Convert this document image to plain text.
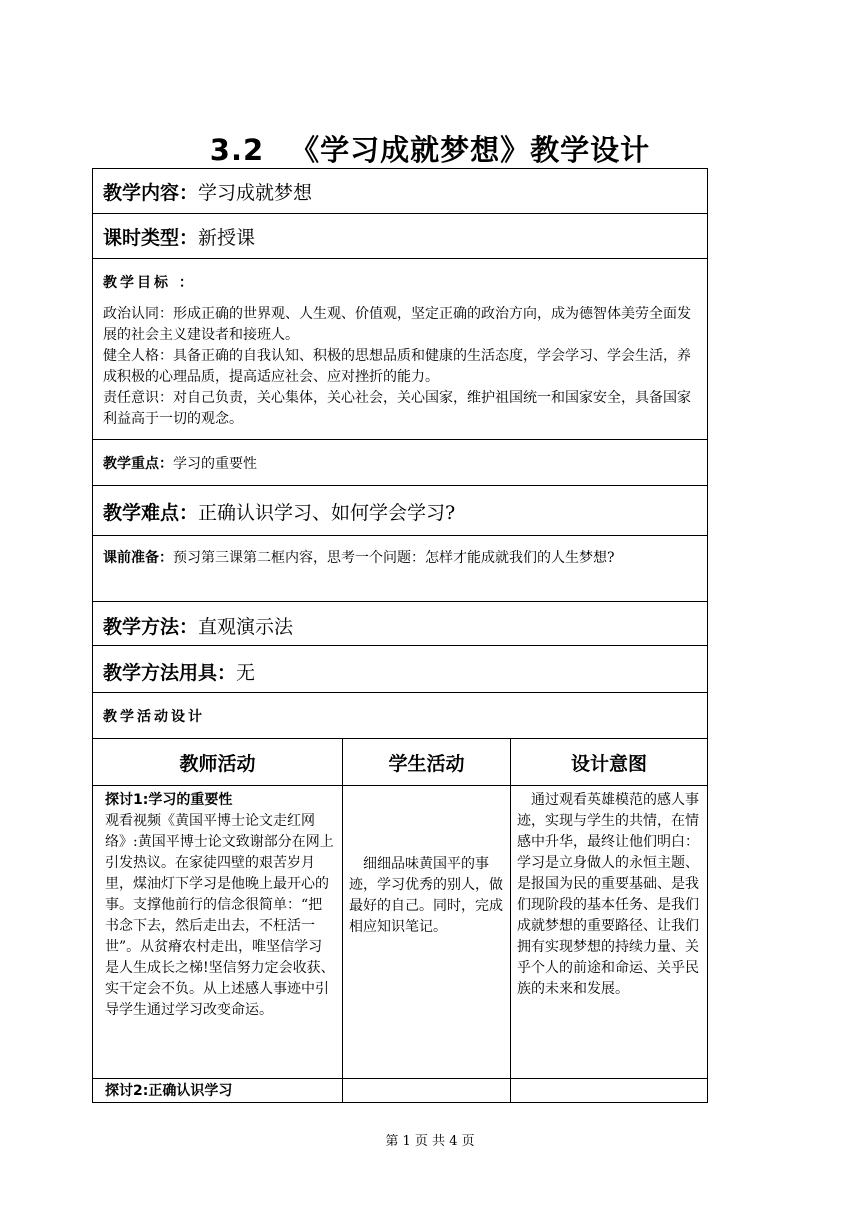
3.2 《学习成就梦想》教学设计
教学内容：学习成就梦想
课时类型：新授课
教学目标 ：

政治认同：形成正确的世界观、人生观、价值观，坚定正确的政治方向，成为德智体美劳全面发展的社会主义建设者和接班人。

健全人格：具备正确的自我认知、积极的思想品质和健康的生活态度，学会学习、学会生活，养成积极的心理品质，提高适应社会、应对挫折的能力。

责任意识：对自己负责，关心集体，关心社会，关心国家，维护祖国统一和国家安全，具备国家利益高于一切的观念。

教学重点：学习的重要性
教学难点：正确认识学习、如何学会学习?
课前准备：预习第三课第二框内容，思考一个问题：怎样才能成就我们的人生梦想?
教学方法：直观演示法
教学方法用具：无
教学活动设计
教师活动	学生活动	设计意图
探讨1:学习的重要性
观看视频《黄国平博士论文走红网络》:黄国平博士论文致谢部分在网上引发热议。在家徒四壁的艰苦岁月里，煤油灯下学习是他晚上最开心的事。支撑他前行的信念很简单：“把书念下去，然后走出去，不枉活一世”。从贫瘠农村走出，唯坚信学习是人生成长之梯!坚信努力定会收获、实干定会不负。从上述感人事迹中引导学生通过学习改变命运。
细细品味黄国平的事迹，学习优秀的别人，做最好的自己。同时，完成相应知识笔记。
通过观看英雄模范的感人事迹，实现与学生的共情，在情感中升华，最终让他们明白：学习是立身做人的永恒主题、是报国为民的重要基础、是我们现阶段的基本任务、是我们成就梦想的重要路径、让我们拥有实现梦想的持续力量、关乎个人的前途和命运、关乎民族的未来和发展。
探讨2:正确认识学习
第 1 页 共 4 页
